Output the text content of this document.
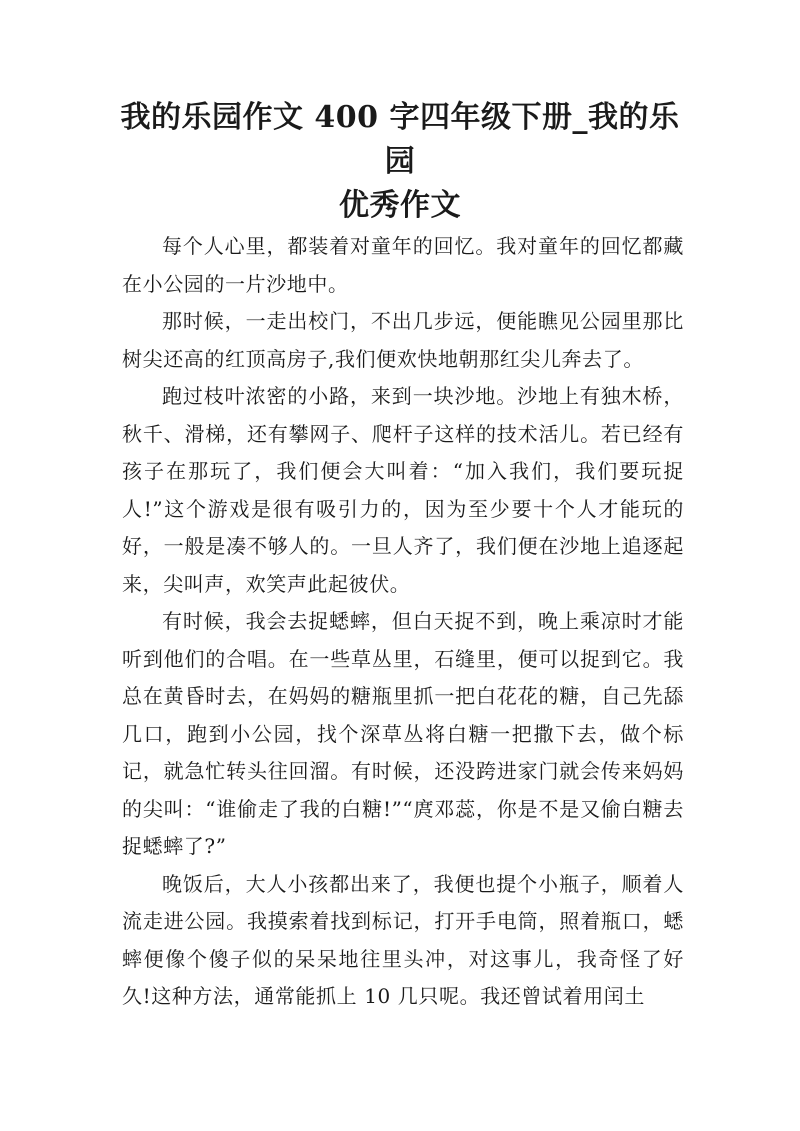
我的乐园作文 400 字四年级下册_我的乐园
优秀作文

每个人心里，都装着对童年的回忆。我对童年的回忆都藏在小公园的一片沙地中。

那时候，一走出校门，不出几步远，便能瞧见公园里那比树尖还高的红顶高房子,我们便欢快地朝那红尖儿奔去了。

跑过枝叶浓密的小路，来到一块沙地。沙地上有独木桥，秋千、滑梯，还有攀网子、爬杆子这样的技术活儿。若已经有孩子在那玩了，我们便会大叫着：“加入我们，我们要玩捉人!”这个游戏是很有吸引力的，因为至少要十个人才能玩的好，一般是凑不够人的。一旦人齐了，我们便在沙地上追逐起来，尖叫声，欢笑声此起彼伏。

有时候，我会去捉蟋蟀，但白天捉不到，晚上乘凉时才能听到他们的合唱。在一些草丛里，石缝里，便可以捉到它。我总在黄昏时去，在妈妈的糖瓶里抓一把白花花的糖，自己先舔几口，跑到小公园，找个深草丛将白糖一把撒下去，做个标记，就急忙转头往回溜。有时候，还没跨进家门就会传来妈妈的尖叫：“谁偷走了我的白糖!”“庹邓蕊，你是不是又偷白糖去捉蟋蟀了?”

晚饭后，大人小孩都出来了，我便也提个小瓶子，顺着人流走进公园。我摸索着找到标记，打开手电筒，照着瓶口，蟋蟀便像个傻子似的呆呆地往里头冲，对这事儿，我奇怪了好久!这种方法，通常能抓上 10 几只呢。我还曾试着用闰土
